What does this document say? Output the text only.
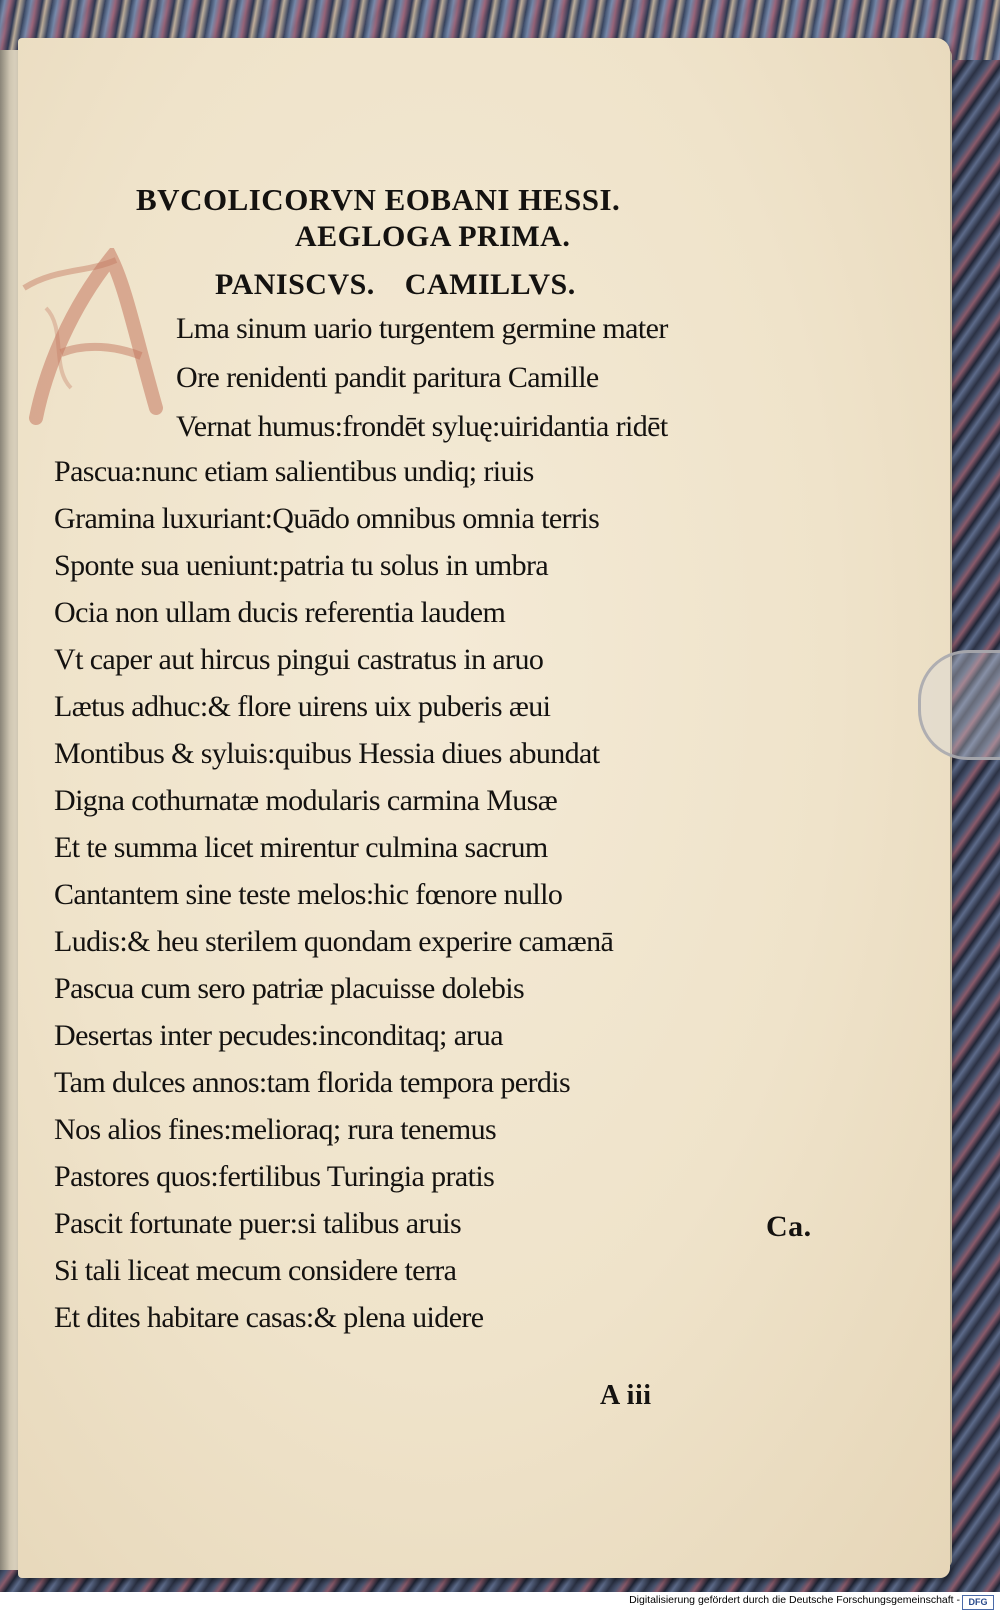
BVCOLICORVN EOBANI HESSI.
AEGLOGA PRIMA.
PANISCVS. CAMILLVS.
Lma sinum uario turgentem germine mater
Ore renidenti pandit paritura Camille
Vernat humus:frondēt syluę:uiridantia ridēt
Pascua:nunc etiam salientibus undiq; riuis
Gramina luxuriant:Quādo omnibus omnia terris
Sponte sua ueniunt:patria tu solus in umbra
Ocia non ullam ducis referentia laudem
Vt caper aut hircus pingui castratus in aruo
Lætus adhuc:& flore uirens uix puberis æui
Montibus & syluis:quibus Hessia diues abundat
Digna cothurnatæ modularis carmina Musæ
Et te summa licet mirentur culmina sacrum
Cantantem sine teste melos:hic fœnore nullo
Ludis:& heu sterilem quondam experire camænā
Pascua cum sero patriæ placuisse dolebis
Desertas inter pecudes:inconditaq; arua
Tam dulces annos:tam florida tempora perdis
Nos alios fines:melioraq; rura tenemus
Pastores quos:fertilibus Turingia pratis
Pascit fortunate puer:si talibus aruis
Si tali liceat mecum considere terra
Et dites habitare casas:& plena uidere
Ca.
A iii
Digitalisierung gefördert durch die Deutsche Forschungsgemeinschaft - DFG
